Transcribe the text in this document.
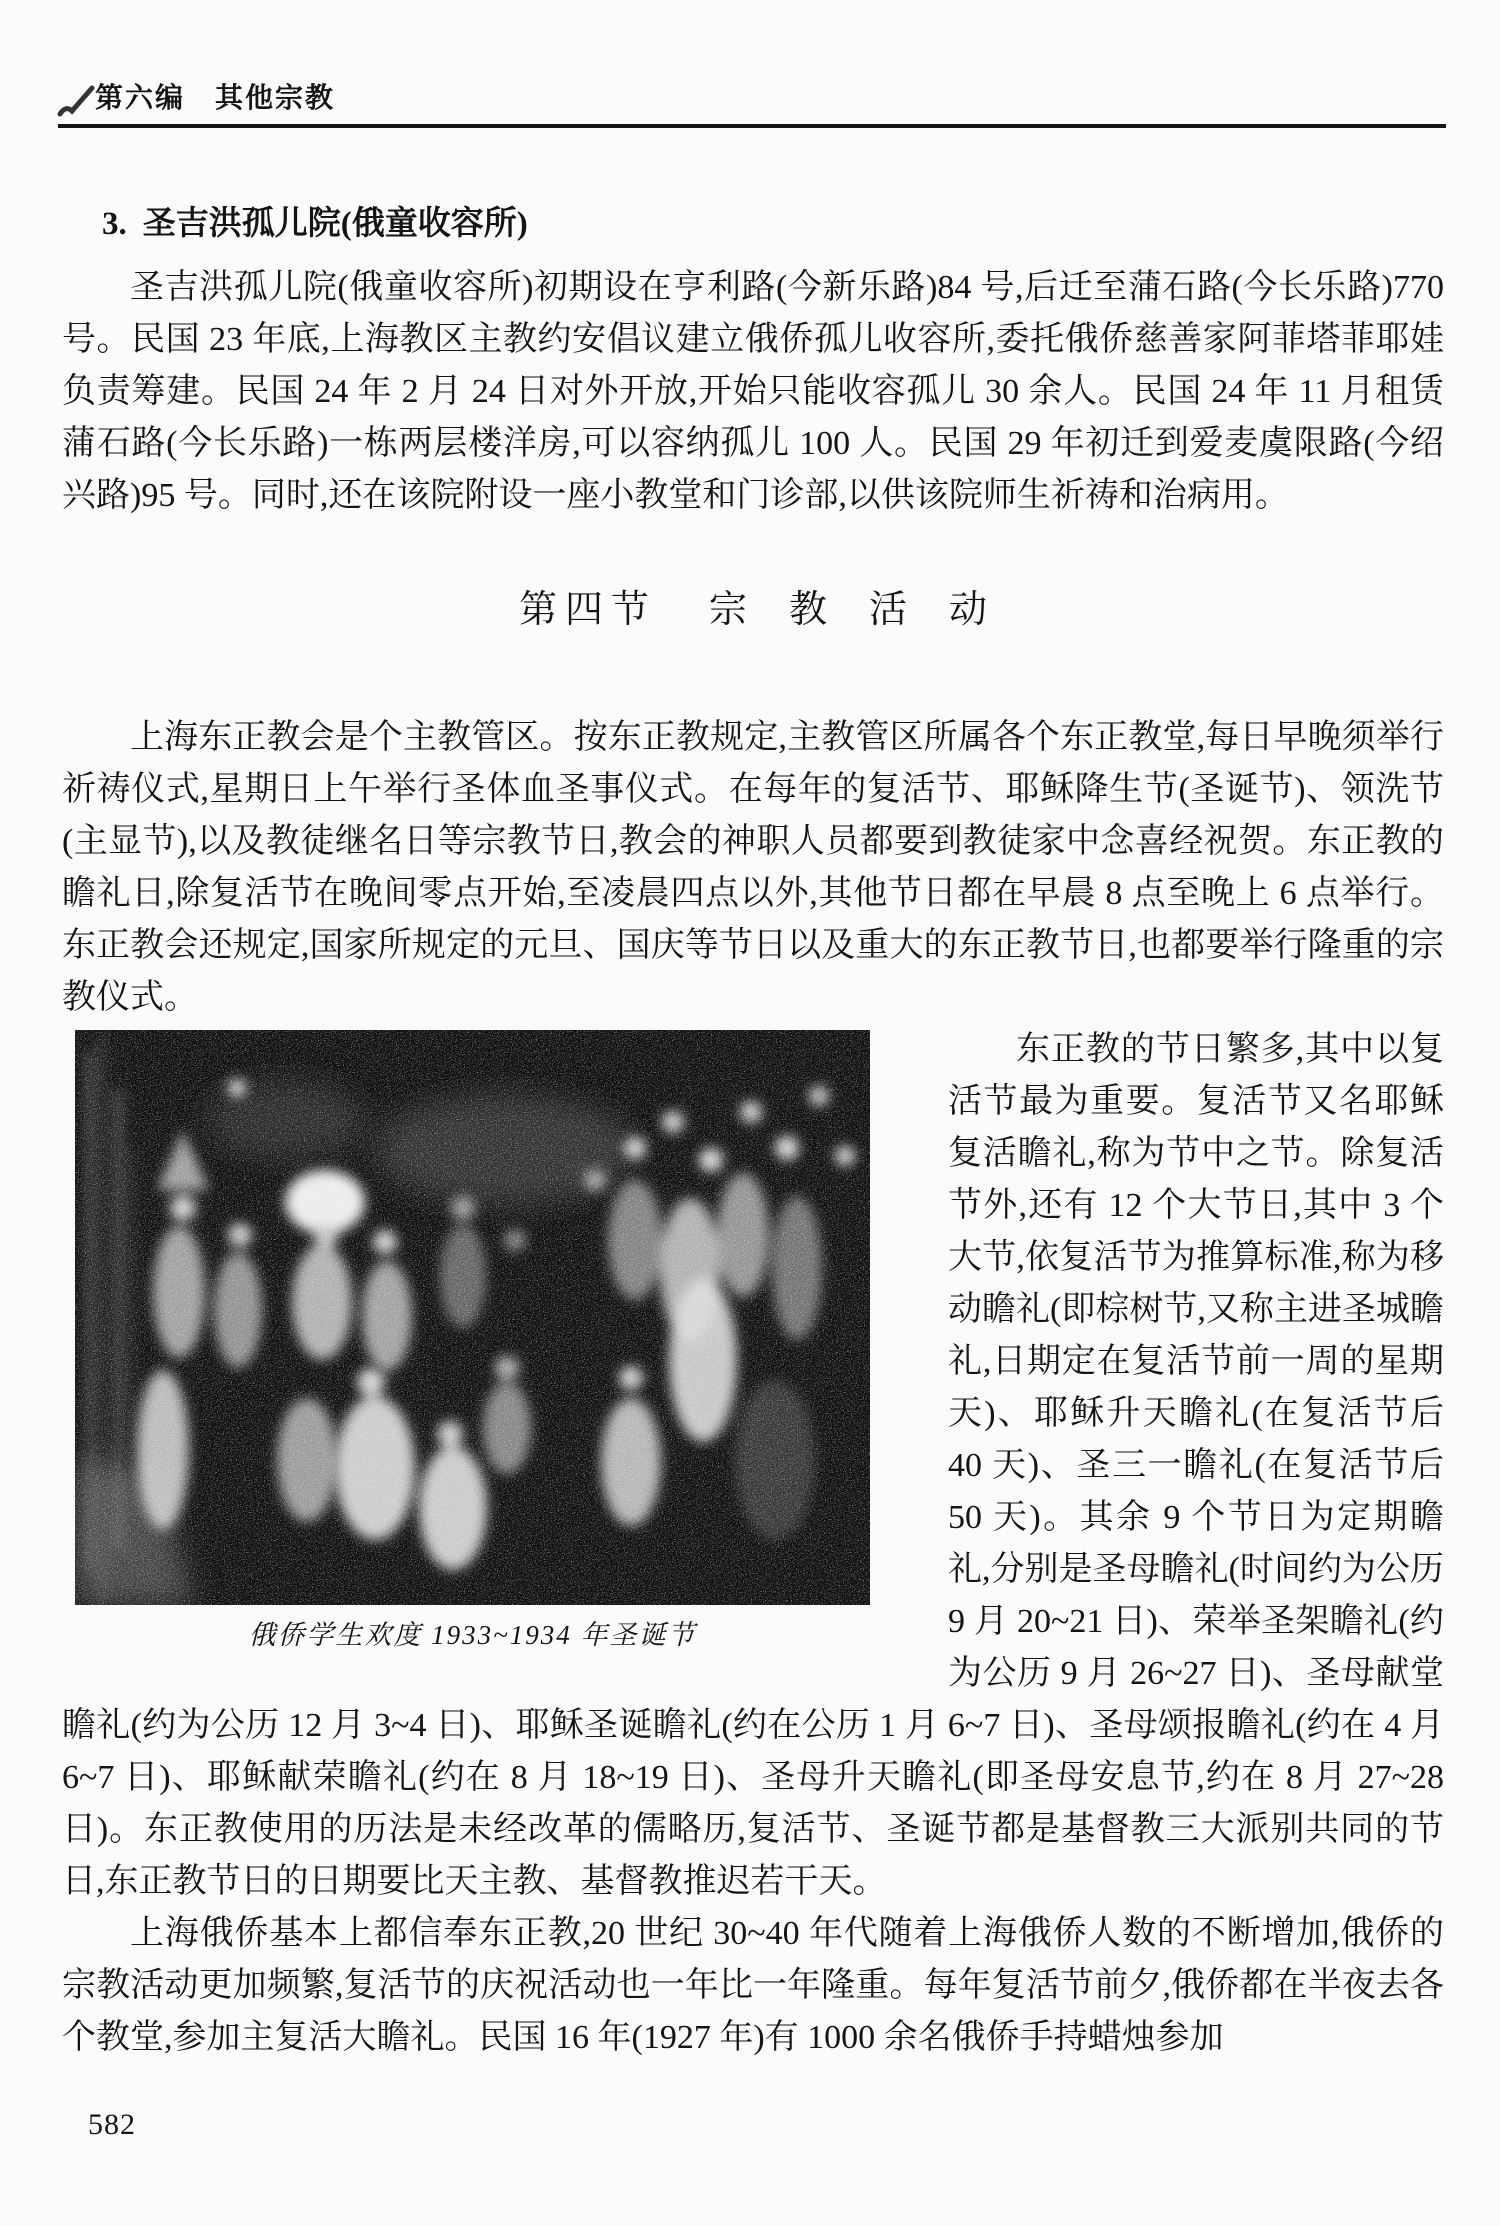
第六编 其他宗教
3. 圣吉洪孤儿院(俄童收容所)

圣吉洪孤儿院(俄童收容所)初期设在亨利路(今新乐路)84 号,后迁至蒲石路(今长乐路)770 号。民国 23 年底,上海教区主教约安倡议建立俄侨孤儿收容所,委托俄侨慈善家阿菲塔菲耶娃负责筹建。民国 24 年 2 月 24 日对外开放,开始只能收容孤儿 30 余人。民国 24 年 11 月租赁蒲石路(今长乐路)一栋两层楼洋房,可以容纳孤儿 100 人。民国 29 年初迁到爱麦虞限路(今绍兴路)95 号。同时,还在该院附设一座小教堂和门诊部,以供该院师生祈祷和治病用。

第四节 宗教活动

上海东正教会是个主教管区。按东正教规定,主教管区所属各个东正教堂,每日早晚须举行祈祷仪式,星期日上午举行圣体血圣事仪式。在每年的复活节、耶稣降生节(圣诞节)、领洗节(主显节),以及教徒继名日等宗教节日,教会的神职人员都要到教徒家中念喜经祝贺。东正教的瞻礼日,除复活节在晚间零点开始,至凌晨四点以外,其他节日都在早晨 8 点至晚上 6 点举行。东正教会还规定,国家所规定的元旦、国庆等节日以及重大的东正教节日,也都要举行隆重的宗教仪式。

俄侨学生欢度 1933~1934 年圣诞节

东正教的节日繁多,其中以复活节最为重要。复活节又名耶稣复活瞻礼,称为节中之节。除复活节外,还有 12 个大节日,其中 3 个大节,依复活节为推算标准,称为移动瞻礼(即棕树节,又称主进圣城瞻礼,日期定在复活节前一周的星期天)、耶稣升天瞻礼(在复活节后 40 天)、圣三一瞻礼(在复活节后 50 天)。其余 9 个节日为定期瞻礼,分别是圣母瞻礼(时间约为公历 9 月 20~21 日)、荣举圣架瞻礼(约为公历 9 月 26~27 日)、圣母献堂瞻礼(约为公历 12 月 3~4 日)、耶稣圣诞瞻礼(约在公历 1 月 6~7 日)、圣母颂报瞻礼(约在 4 月 6~7 日)、耶稣献荣瞻礼(约在 8 月 18~19 日)、圣母升天瞻礼(即圣母安息节,约在 8 月 27~28 日)。东正教使用的历法是未经改革的儒略历,复活节、圣诞节都是基督教三大派别共同的节日,东正教节日的日期要比天主教、基督教推迟若干天。

上海俄侨基本上都信奉东正教,20 世纪 30~40 年代随着上海俄侨人数的不断增加,俄侨的宗教活动更加频繁,复活节的庆祝活动也一年比一年隆重。每年复活节前夕,俄侨都在半夜去各个教堂,参加主复活大瞻礼。民国 16 年(1927 年)有 1000 余名俄侨手持蜡烛参加

582
